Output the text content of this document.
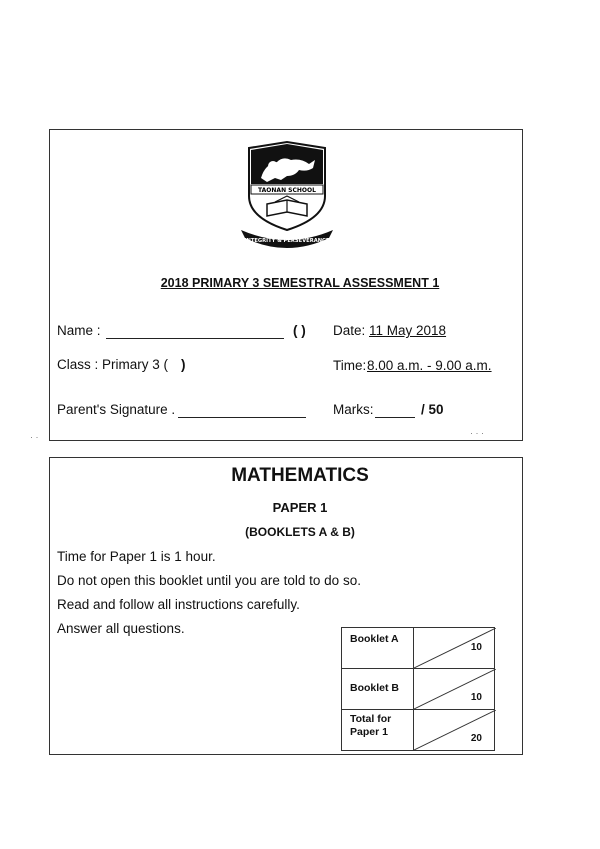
· ·
TAONAN SCHOOL
INTEGRITY & PERSEVERANCE
2018 PRIMARY 3 SEMESTRAL ASSESSMENT 1
Name :	( ) Date: 11 May 2018
Class : Primary 3 ( )	Time: 8.00 a.m. - 9.00 a.m.
Parent's Signature .	Marks:	/ 50
· · ·
MATHEMATICS
PAPER 1
(BOOKLETS A & B)
Time for Paper 1 is 1 hour.
Do not open this booklet until you are told to do so.
Read and follow all instructions carefully.
Answer all questions.
Booklet A	10

Booklet B	10

Total for Paper 1	20
